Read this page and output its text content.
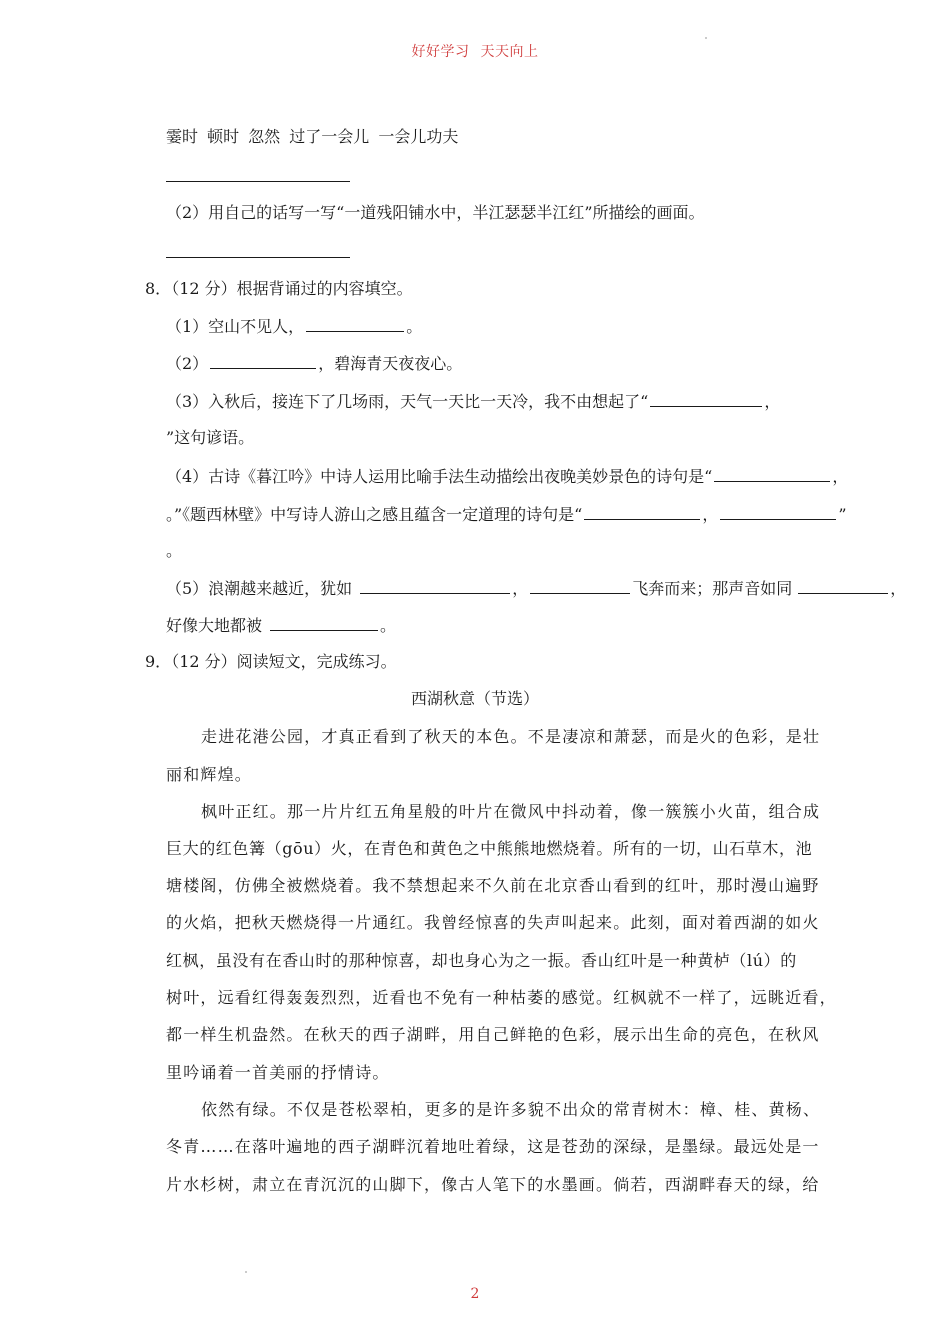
好好学习 天天向上
霎时 顿时 忽然 过了一会儿 一会儿功夫
（2）用自己的话写一写“一道残阳铺水中，半江瑟瑟半江红”所描绘的画面。
8．（12 分）根据背诵过的内容填空。
（1）空山不见人，	。
（2）	，碧海青天夜夜心。
（3）入秋后，接连下了几场雨，天气一天比一天冷，我不由想起了“	，
”这句谚语。
（4）古诗《暮江吟》中诗人运用比喻手法生动描绘出夜晚美妙景色的诗句是“	，
。”《题西林壁》中写诗人游山之感且蕴含一定道理的诗句是“	，	”
。
（5）浪潮越来越近，犹如	，	飞奔而来；那声音如同	，
好像大地都被	。
9．（12 分）阅读短文，完成练习。
西湖秋意（节选）
走进花港公园，才真正看到了秋天的本色。不是凄凉和萧瑟，而是火的色彩，是壮
丽和辉煌。
枫叶正红。那一片片红五角星般的叶片在微风中抖动着，像一簇簇小火苗，组合成
巨大的红色篝（gōu）火，在青色和黄色之中熊熊地燃烧着。所有的一切，山石草木，池
塘楼阁，仿佛全被燃烧着。我不禁想起来不久前在北京香山看到的红叶，那时漫山遍野
的火焰，把秋天燃烧得一片通红。我曾经惊喜的失声叫起来。此刻，面对着西湖的如火
红枫，虽没有在香山时的那种惊喜，却也身心为之一振。香山红叶是一种黄栌（lú）的
树叶，远看红得轰轰烈烈，近看也不免有一种枯萎的感觉。红枫就不一样了，远眺近看，
都一样生机盎然。在秋天的西子湖畔，用自己鲜艳的色彩，展示出生命的亮色，在秋风
里吟诵着一首美丽的抒情诗。
依然有绿。不仅是苍松翠柏，更多的是许多貌不出众的常青树木：樟、桂、黄杨、
冬青……在落叶遍地的西子湖畔沉着地吐着绿，这是苍劲的深绿，是墨绿。最远处是一
片水杉树，肃立在青沉沉的山脚下，像古人笔下的水墨画。倘若，西湖畔春天的绿，给
2
